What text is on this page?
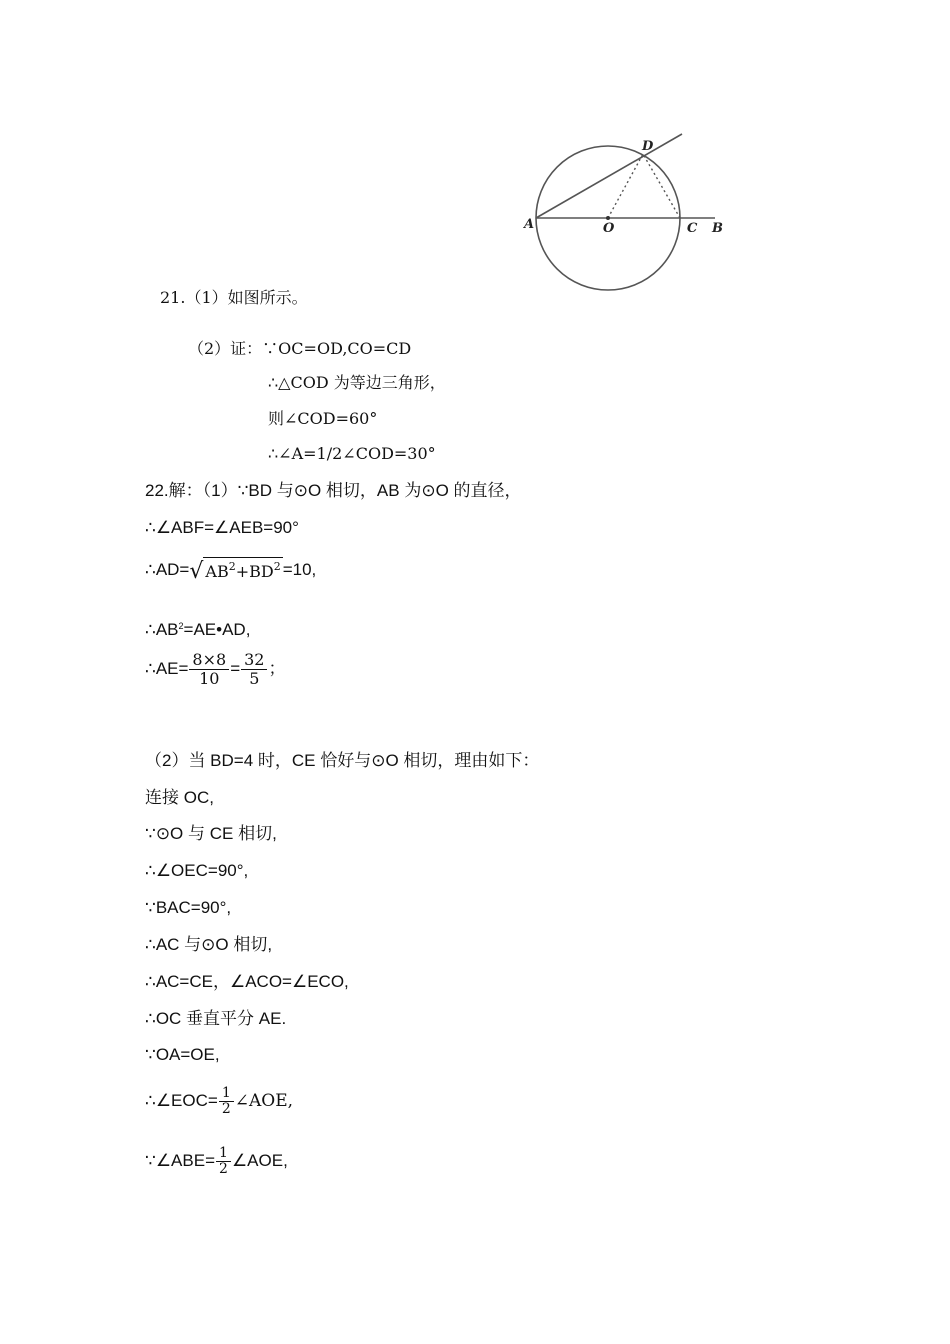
A	O	C B
D
21.（1）如图所示。
（2）证：∵OC=OD,CO=CD
∴△COD 为等边三角形，
则∠COD=60°
∴∠A=1/2∠COD=30°
22.解：（1）∵BD 与⊙O 相切，AB 为⊙O 的直径，
∴∠ABF=∠AEB=90°
∴AD=√ $AB^2+BD^2 =10$,
$\therefore AB^2=AE•AD$,
∴AE= $\frac{8\times 8}{10} = \frac{32}{5}$ ；
（2）当 BD=4 时，CE 恰好与⊙O 相切，理由如下：
连接 OC,
∵⊙O 与 CE 相切,
∴∠OEC=90°,
∵BAC=90°,
∴AC 与⊙O 相切,
∴AC=CE，∠ACO=∠ECO,
∴OC 垂直平分 AE.
∵OA=OE,
∴∠EOC= $\frac{1}{2}$ ∠AOE,
∵∠ABE= $\frac{1}{2}$ ∠AOE,
